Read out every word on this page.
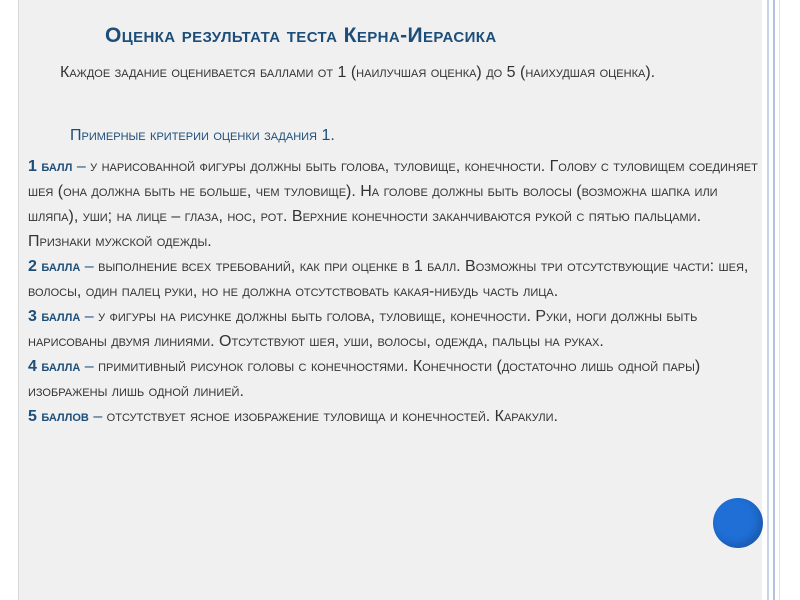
Оценка результата теста Керна-Иерасика
Каждое задание оценивается баллами от 1 (наилучшая оценка) до 5 (наихудшая оценка).
Примерные критерии оценки задания 1.

1 балл – у нарисованной фигуры должны быть голова, туловище, конечности. Голову с туловищем соединяет шея (она должна быть не больше, чем туловище). На голове должны быть волосы (возможна шапка или шляпа), уши; на лице – глаза, нос, рот. Верхние конечности заканчиваются рукой с пятью пальцами. Признаки мужской одежды.

2 балла – выполнение всех требований, как при оценке в 1 балл. Возможны три отсутствующие части: шея, волосы, один палец руки, но не должна отсутствовать какая-нибудь часть лица.

3 балла – у фигуры на рисунке должны быть голова, туловище, конечности. Руки, ноги должны быть нарисованы двумя линиями. Отсутствуют шея, уши, волосы, одежда, пальцы на руках.

4 балла – примитивный рисунок головы с конечностями. Конечности (достаточно лишь одной пары) изображены лишь одной линией.

5 баллов – отсутствует ясное изображение туловища и конечностей. Каракули.
